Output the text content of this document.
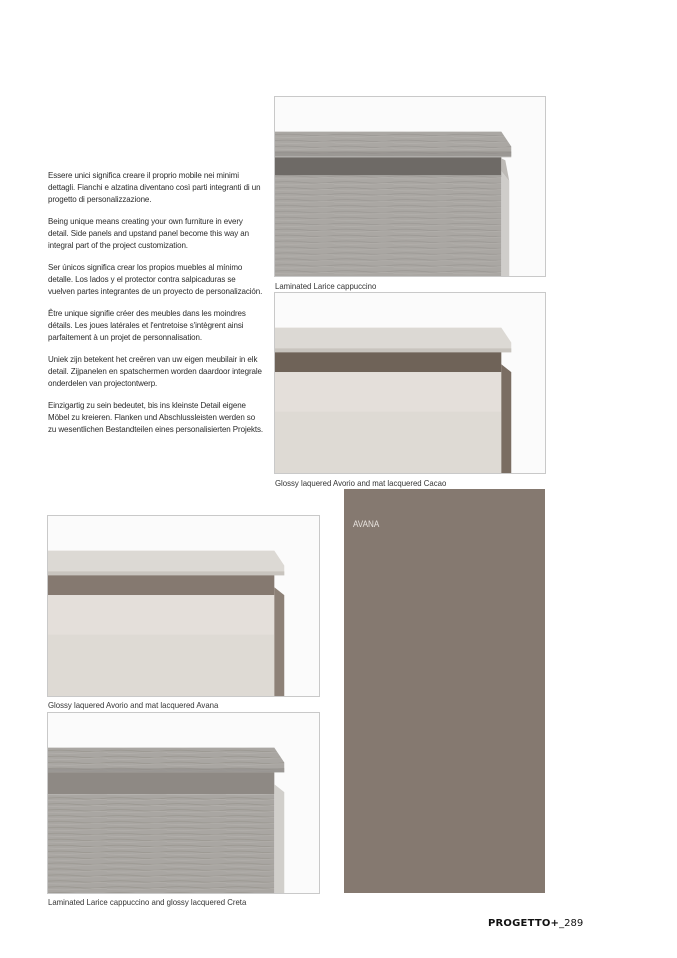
Essere unici significa creare il proprio mobile nei minimi dettagli. Fianchi e alzatina diventano così parti integranti di un progetto di personalizzazione.

Being unique means creating your own furniture in every detail. Side panels and upstand panel become this way an integral part of the project customization.

Ser únicos significa crear los propios muebles al mínimo detalle. Los lados y el protector contra salpicaduras se vuelven partes integrantes de un proyecto de personalización.

Être unique signifie créer des meubles dans les moindres détails. Les joues latérales et l'entretoise s'intègrent ainsi parfaitement à un projet de personnalisation.

Uniek zijn betekent het creëren van uw eigen meubilair in elk detail. Zijpanelen en spatschermen worden daardoor integrale onderdelen van projectontwerp.

Einzigartig zu sein bedeutet, bis ins kleinste Detail eigene Möbel zu kreieren. Flanken und Abschlussleisten werden so zu wesentlichen Bestandteilen eines personalisierten Projekts.

Laminated Larice cappuccino
Glossy laquered Avorio and mat lacquered Cacao
Glossy laquered Avorio and mat lacquered Avana
Laminated Larice cappuccino and glossy lacquered Creta
AVANA
PROGETTO+_289
